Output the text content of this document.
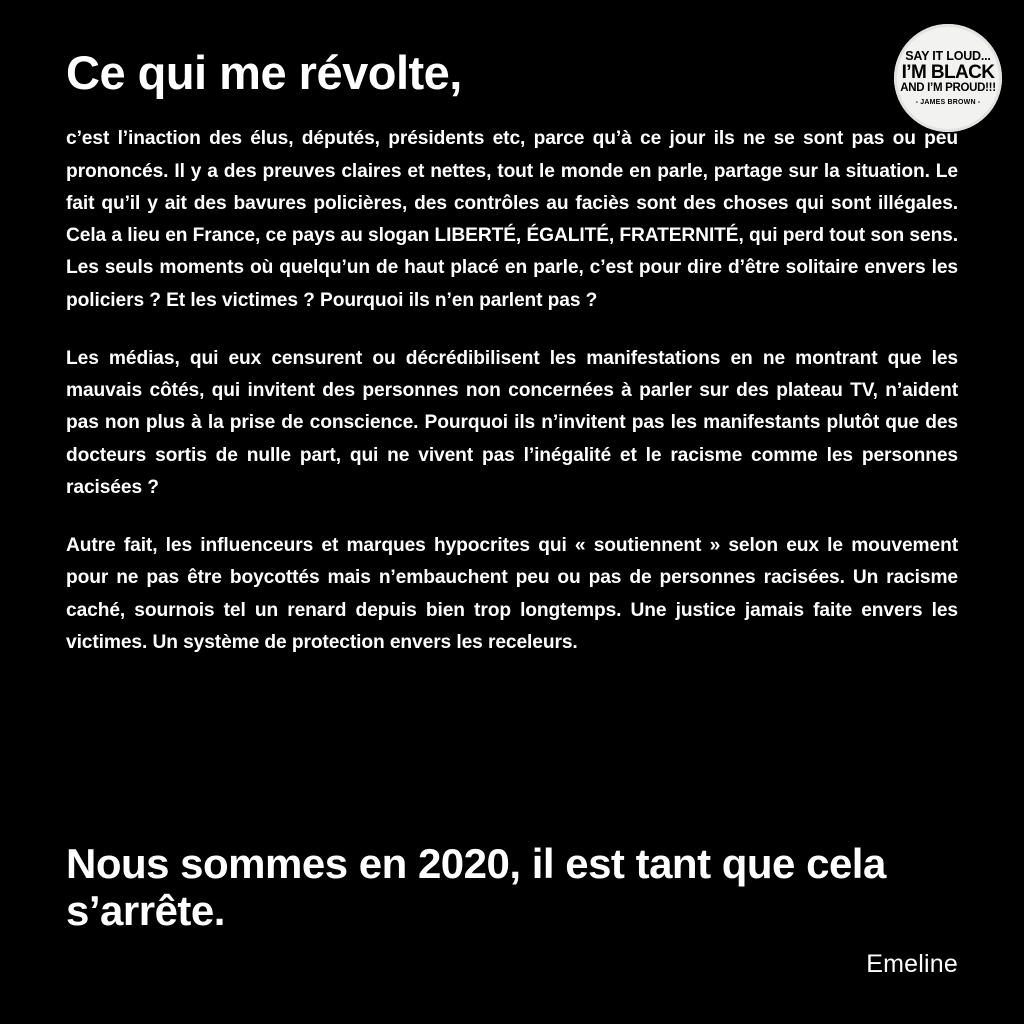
SAY IT LOUD...
I’M BLACK
AND I’M PROUD!!!
- JAMES BROWN -
Ce qui me révolte,

c’est l’inaction des élus, députés, présidents etc, parce qu’à ce jour ils ne se sont pas ou peu prononcés. Il y a des preuves claires et nettes, tout le monde en parle, partage sur la situation. Le fait qu’il y ait des bavures policières, des contrôles au faciès sont des choses qui sont illégales. Cela a lieu en France, ce pays au slogan LIBERTÉ, ÉGALITÉ, FRATERNITÉ, qui perd tout son sens. Les seuls moments où quelqu’un de haut placé en parle, c’est pour dire d’être solitaire envers les policiers ? Et les victimes ? Pourquoi ils n’en parlent pas ?

Les médias, qui eux censurent ou décrédibilisent les manifestations en ne montrant que les mauvais côtés, qui invitent des personnes non concernées à parler sur des plateau TV, n’aident pas non plus à la prise de conscience. Pourquoi ils n’invitent pas les manifestants plutôt que des docteurs sortis de nulle part, qui ne vivent pas l’inégalité et le racisme comme les personnes racisées ?

Autre fait, les influenceurs et marques hypocrites qui « soutiennent » selon eux le mouvement pour ne pas être boycottés mais n’embauchent peu ou pas de personnes racisées. Un racisme caché, sournois tel un renard depuis bien trop longtemps. Une justice jamais faite envers les victimes. Un système de protection envers les receleurs.

Nous sommes en 2020, il est tant que cela s’arrête.
Emeline
